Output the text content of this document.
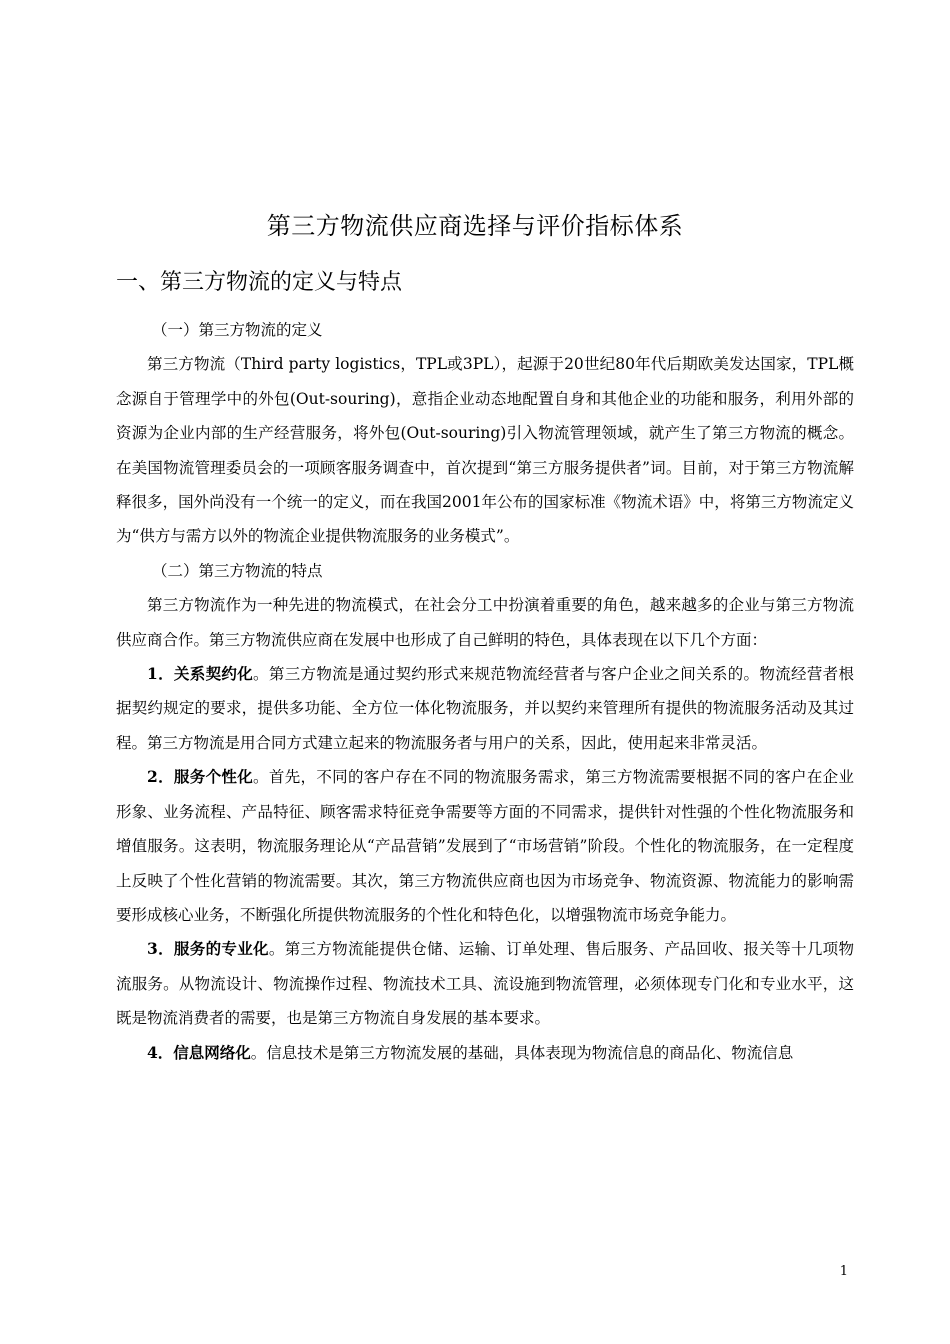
第三方物流供应商选择与评价指标体系
一、第三方物流的定义与特点

（一）第三方物流的定义

第三方物流（Third party logistics，TPL或3PL），起源于20世纪80年代后期欧美发达国家，TPL概念源自于管理学中的外包(Out-souring)，意指企业动态地配置自身和其他企业的功能和服务，利用外部的资源为企业内部的生产经营服务，将外包(Out-souring)引入物流管理领域，就产生了第三方物流的概念。在美国物流管理委员会的一项顾客服务调查中，首次提到“第三方服务提供者”词。目前，对于第三方物流解释很多，国外尚没有一个统一的定义，而在我国2001年公布的国家标准《物流术语》中，将第三方物流定义为“供方与需方以外的物流企业提供物流服务的业务模式”。

（二）第三方物流的特点

第三方物流作为一种先进的物流模式，在社会分工中扮演着重要的角色，越来越多的企业与第三方物流供应商合作。第三方物流供应商在发展中也形成了自己鲜明的特色，具体表现在以下几个方面：

1．关系契约化。第三方物流是通过契约形式来规范物流经营者与客户企业之间关系的。物流经营者根据契约规定的要求，提供多功能、全方位一体化物流服务，并以契约来管理所有提供的物流服务活动及其过程。第三方物流是用合同方式建立起来的物流服务者与用户的关系，因此，使用起来非常灵活。

2．服务个性化。首先，不同的客户存在不同的物流服务需求，第三方物流需要根据不同的客户在企业形象、业务流程、产品特征、顾客需求特征竞争需要等方面的不同需求，提供针对性强的个性化物流服务和增值服务。这表明，物流服务理论从“产品营销”发展到了“市场营销”阶段。个性化的物流服务，在一定程度上反映了个性化营销的物流需要。其次，第三方物流供应商也因为市场竞争、物流资源、物流能力的影响需要形成核心业务，不断强化所提供物流服务的个性化和特色化，以增强物流市场竞争能力。

3．服务的专业化。第三方物流能提供仓储、运输、订单处理、售后服务、产品回收、报关等十几项物流服务。从物流设计、物流操作过程、物流技术工具、流设施到物流管理，必须体现专门化和专业水平，这既是物流消费者的需要，也是第三方物流自身发展的基本要求。

4．信息网络化。信息技术是第三方物流发展的基础，具体表现为物流信息的商品化、物流信息

1
